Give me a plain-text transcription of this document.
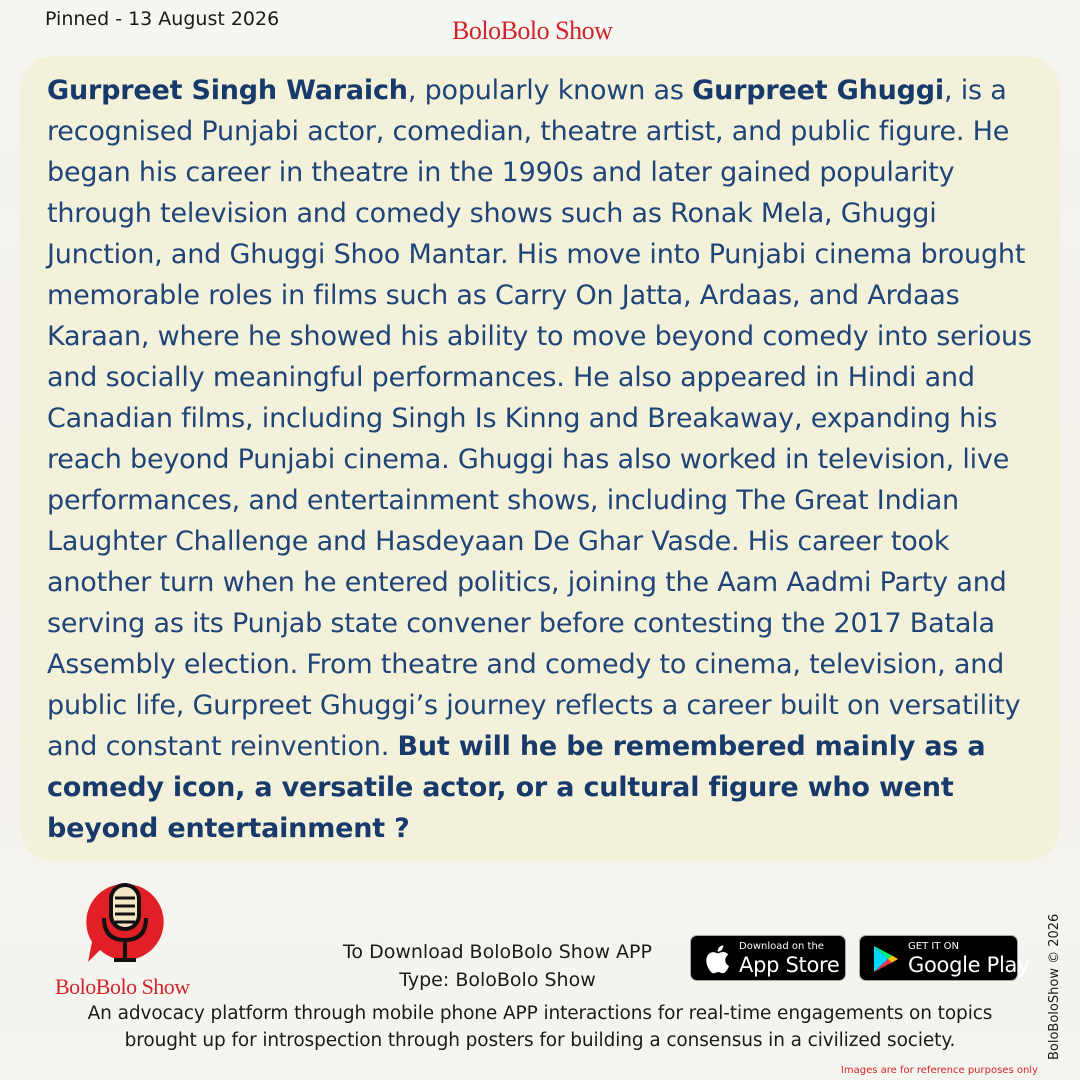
Pinned - 13 August 2026	BoloBolo Show

Gurpreet Singh Waraich, popularly known as Gurpreet Ghuggi, is a recognised Punjabi actor, comedian, theatre artist, and public figure. He began his career in theatre in the 1990s and later gained popularity through television and comedy shows such as Ronak Mela, Ghuggi Junction, and Ghuggi Shoo Mantar. His move into Punjabi cinema brought memorable roles in films such as Carry On Jatta, Ardaas, and Ardaas Karaan, where he showed his ability to move beyond comedy into serious and socially meaningful performances. He also appeared in Hindi and Canadian films, including Singh Is Kinng and Breakaway, expanding his reach beyond Punjabi cinema. Ghuggi has also worked in television, live performances, and entertainment shows, including The Great Indian Laughter Challenge and Hasdeyaan De Ghar Vasde. His career took another turn when he entered politics, joining the Aam Aadmi Party and serving as its Punjab state convener before contesting the 2017 Batala Assembly election. From theatre and comedy to cinema, television, and public life, Gurpreet Ghuggi’s journey reflects a career built on versatility and constant reinvention. But will he be remembered mainly as a comedy icon, a versatile actor, or a cultural figure who went beyond entertainment ?

BoloBolo Show
To Download BoloBolo Show APP
Type: BoloBolo Show
Download on the
App Store
GET IT ON
Google Play
An advocacy platform through mobile phone APP interactions for real-time engagements on topics
brought up for introspection through posters for building a consensus in a civilized society.	BoloBoloShow © 2026
Images are for reference purposes only
